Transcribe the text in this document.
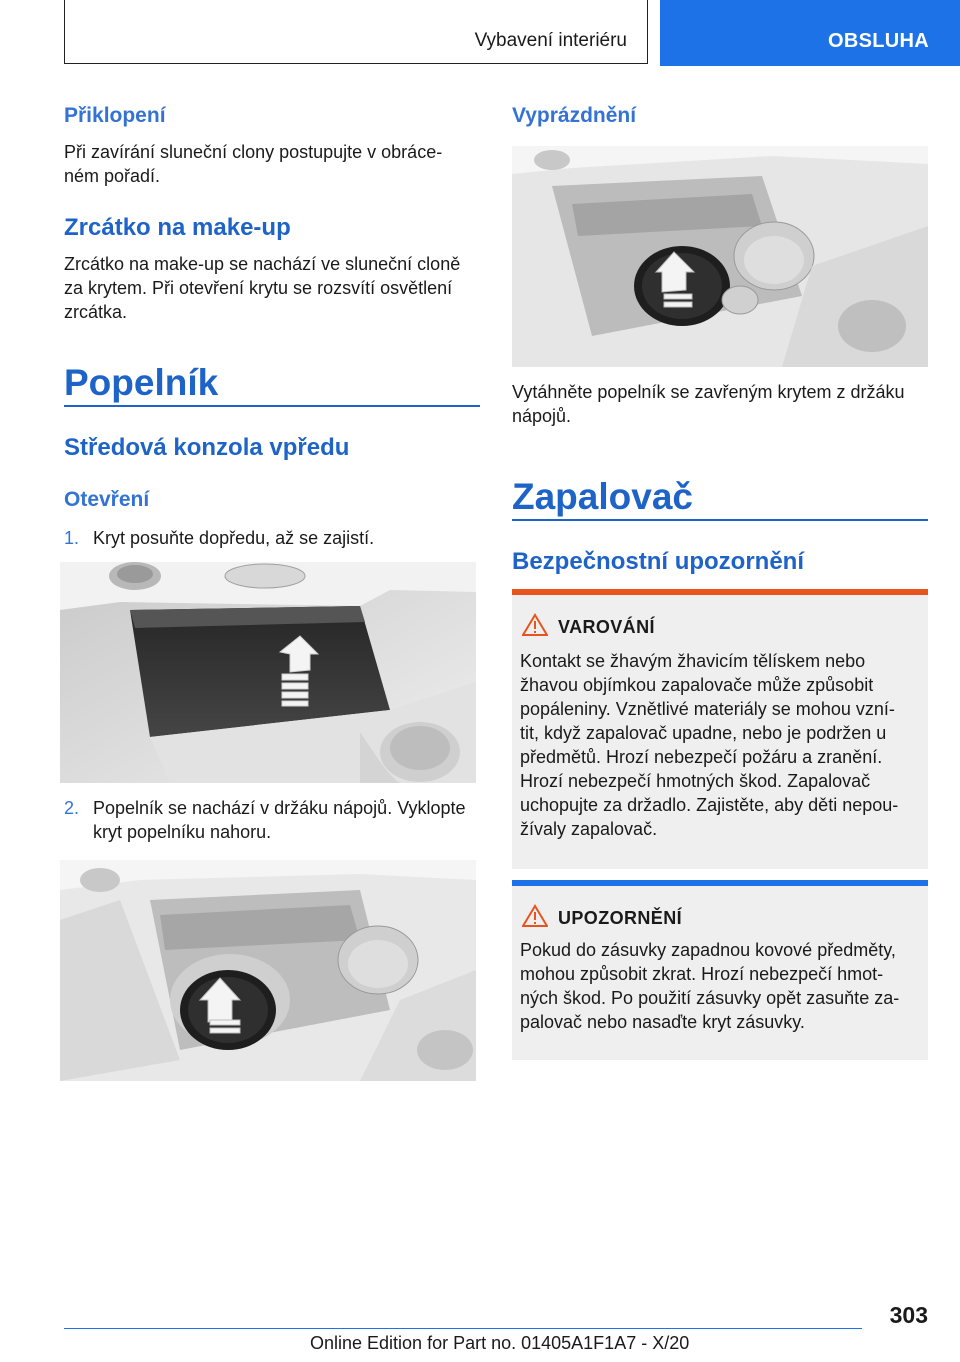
Vybavení interiéru	OBSLUHA
Přiklopení
Při zavírání sluneční clony postupujte v obráce‐
ném pořadí.
Zrcátko na make-up
Zrcátko na make-up se nachází ve sluneční cloně
za krytem. Při otevření krytu se rozsvítí osvětlení
zrcátka.
Popelník
Středová konzola vpředu
Otevření
1. Kryt posuňte dopředu, až se zajistí.
2. Popelník se nachází v držáku nápojů. Vyklopte
kryt popelníku nahoru.
Vyprázdnění
Vytáhněte popelník se zavřeným krytem z držáku
nápojů.
Zapalovač
Bezpečnostní upozornění
VAROVÁNÍ
Kontakt se žhavým žhavicím tělískem nebo
žhavou objímkou zapalovače může způsobit
popáleniny. Vznětlivé materiály se mohou vzní‐
tit, když zapalovač upadne, nebo je podržen u
předmětů. Hrozí nebezpečí požáru a zranění.
Hrozí nebezpečí hmotných škod. Zapalovač
uchopujte za držadlo. Zajistěte, aby děti nepou‐
žívaly zapalovač.
UPOZORNĚNÍ
Pokud do zásuvky zapadnou kovové předměty,
mohou způsobit zkrat. Hrozí nebezpečí hmot‐
ných škod. Po použití zásuvky opět zasuňte za‐
palovač nebo nasaďte kryt zásuvky.
303
Online Edition for Part no. 01405A1F1A7 - X/20
